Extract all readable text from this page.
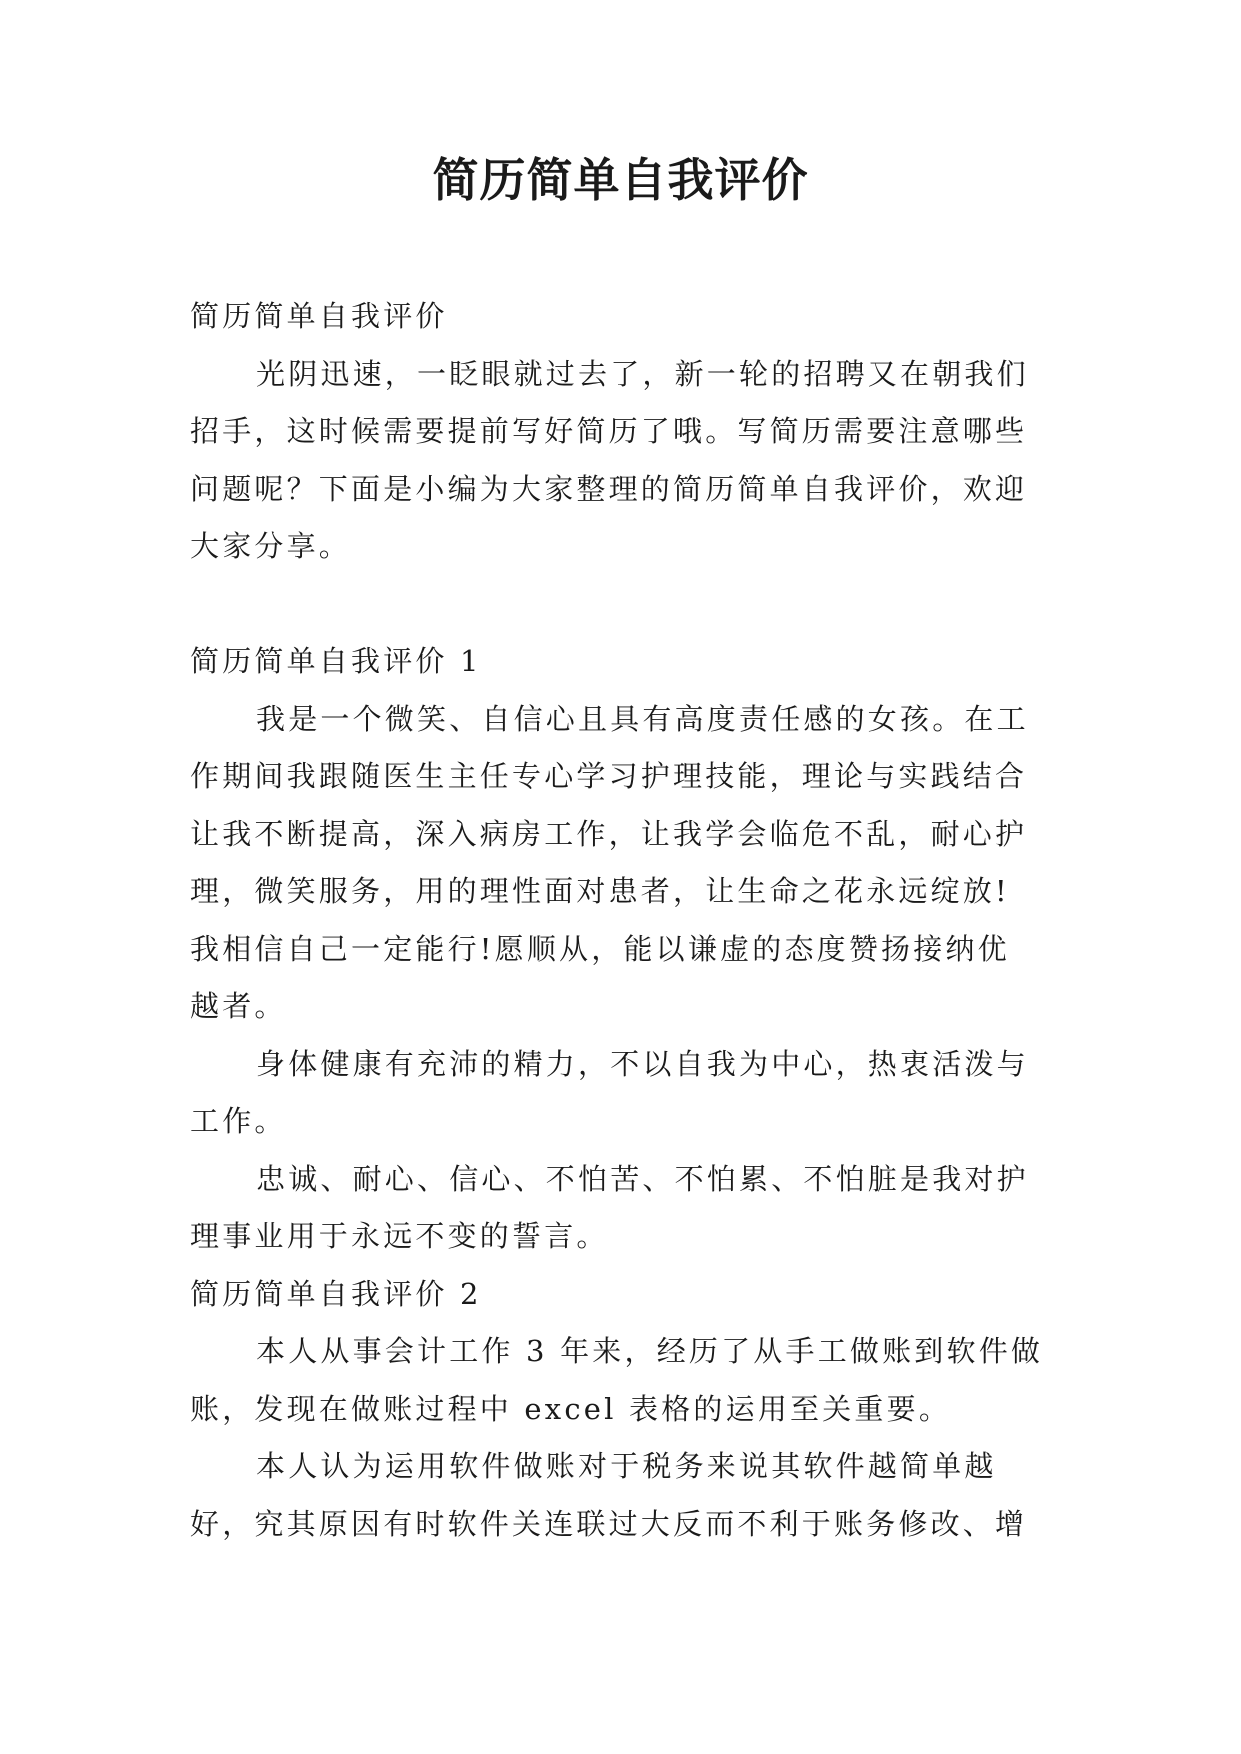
简历简单自我评价
简历简单自我评价
光阴迅速，一眨眼就过去了，新一轮的招聘又在朝我们
招手，这时候需要提前写好简历了哦。写简历需要注意哪些
问题呢？下面是小编为大家整理的简历简单自我评价，欢迎
大家分享。
简历简单自我评价 1
我是一个微笑、自信心且具有高度责任感的女孩。在工
作期间我跟随医生主任专心学习护理技能，理论与实践结合
让我不断提高，深入病房工作，让我学会临危不乱，耐心护
理，微笑服务，用的理性面对患者，让生命之花永远绽放!
我相信自己一定能行!愿顺从，能以谦虚的态度赞扬接纳优
越者。
身体健康有充沛的精力，不以自我为中心，热衷活泼与
工作。
忠诚、耐心、信心、不怕苦、不怕累、不怕脏是我对护
理事业用于永远不变的誓言。
简历简单自我评价 2
本人从事会计工作 3 年来，经历了从手工做账到软件做
账，发现在做账过程中 excel 表格的运用至关重要。
本人认为运用软件做账对于税务来说其软件越简单越
好，究其原因有时软件关连联过大反而不利于账务修改、增
